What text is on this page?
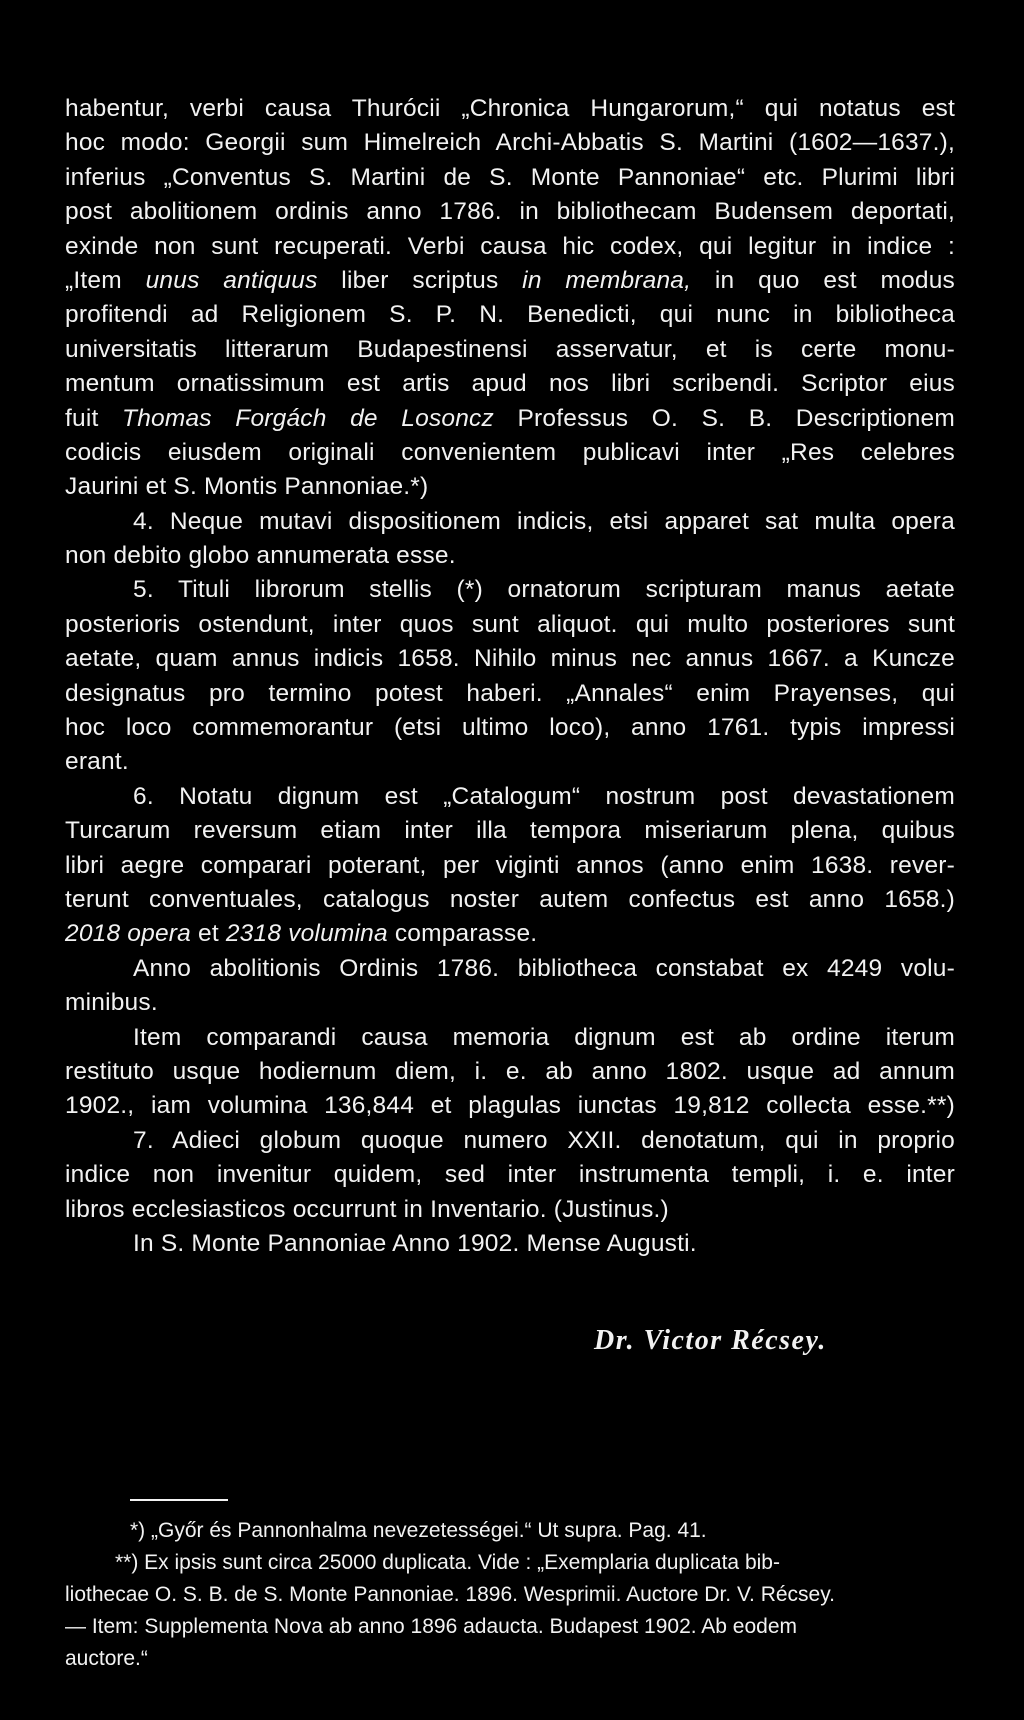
habentur, verbi causa Thurócii „Chronica Hungarorum,“ qui notatus est
hoc modo: Georgii sum Himelreich Archi-Abbatis S. Martini (1602—1637.),
inferius „Conventus S. Martini de S. Monte Pannoniae“ etc. Plurimi libri
post abolitionem ordinis anno 1786. in bibliothecam Budensem deportati,
exinde non sunt recuperati. Verbi causa hic codex, qui legitur in indice :
„Item unus antiquus liber scriptus in membrana, in quo est modus
profitendi ad Religionem S. P. N. Benedicti, qui nunc in bibliotheca
universitatis litterarum Budapestinensi asservatur, et is certe monu-
mentum ornatissimum est artis apud nos libri scribendi. Scriptor eius
fuit Thomas Forgách de Losoncz Professus O. S. B. Descriptionem
codicis eiusdem originali convenientem publicavi inter „Res celebres
Jaurini et S. Montis Pannoniae.*)
4. Neque mutavi dispositionem indicis, etsi apparet sat multa opera
non debito globo annumerata esse.
5. Tituli librorum stellis (*) ornatorum scripturam manus aetate
posterioris ostendunt, inter quos sunt aliquot. qui multo posteriores sunt
aetate, quam annus indicis 1658. Nihilo minus nec annus 1667. a Kuncze
designatus pro termino potest haberi. „Annales“ enim Prayenses, qui
hoc loco commemorantur (etsi ultimo loco), anno 1761. typis impressi
erant.
6. Notatu dignum est „Catalogum“ nostrum post devastationem
Turcarum reversum etiam inter illa tempora miseriarum plena, quibus
libri aegre comparari poterant, per viginti annos (anno enim 1638. rever-
terunt conventuales, catalogus noster autem confectus est anno 1658.)
2018 opera et 2318 volumina comparasse.
Anno abolitionis Ordinis 1786. bibliotheca constabat ex 4249 volu-
minibus.
Item comparandi causa memoria dignum est ab ordine iterum
restituto usque hodiernum diem, i. e. ab anno 1802. usque ad annum
1902., iam volumina 136,844 et plagulas iunctas 19,812 collecta esse.**)
7. Adieci globum quoque numero XXII. denotatum, qui in proprio
indice non invenitur quidem, sed inter instrumenta templi, i. e. inter
libros ecclesiasticos occurrunt in Inventario. (Justinus.)
In S. Monte Pannoniae Anno 1902. Mense Augusti.
Dr. Victor Récsey.
*) „Győr és Pannonhalma nevezetességei.“ Ut supra. Pag. 41.
**) Ex ipsis sunt circa 25000 duplicata. Vide : „Exemplaria duplicata bib-
liothecae O. S. B. de S. Monte Pannoniae. 1896. Wesprimii. Auctore Dr. V. Récsey.
— Item: Supplementa Nova ab anno 1896 adaucta. Budapest 1902. Ab eodem
auctore.“
